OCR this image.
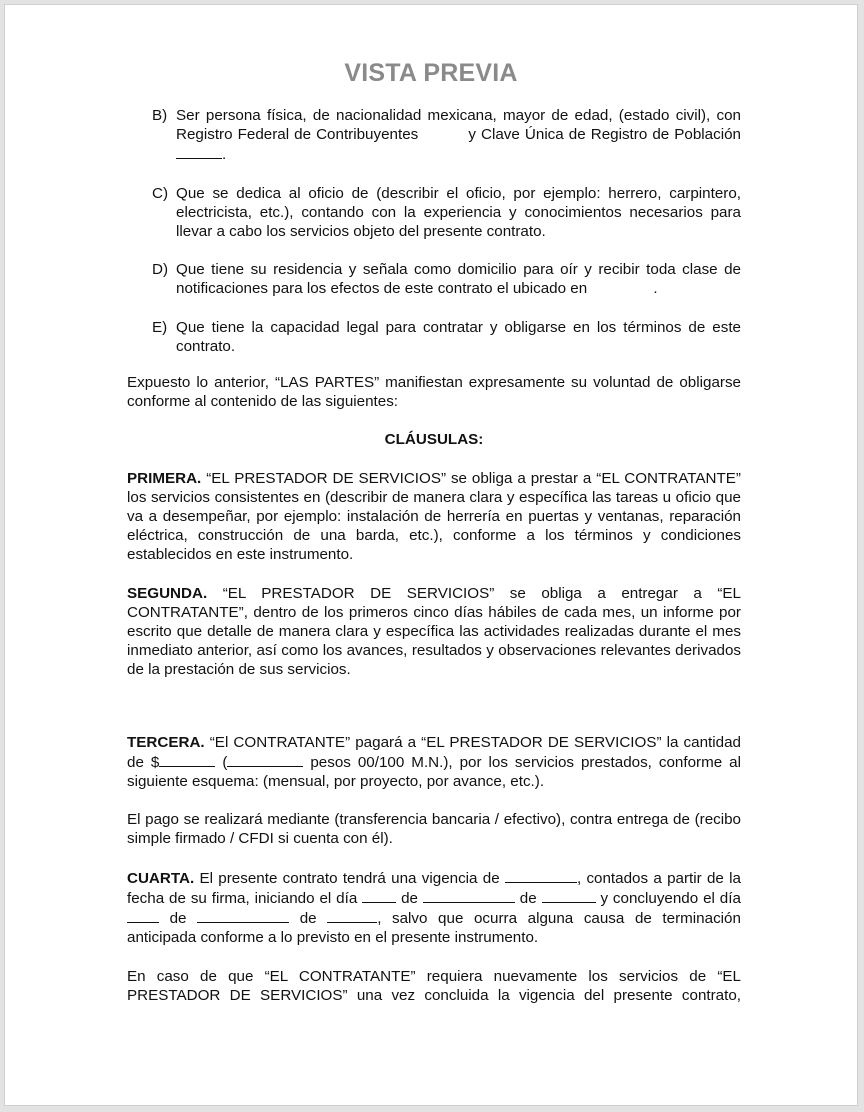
VISTA PREVIA
B) Ser persona física, de nacionalidad mexicana, mayor de edad, (estado civil), con Registro Federal de Contribuyentes	y Clave Única de Registro de Población .
C) Que se dedica al oficio de (describir el oficio, por ejemplo: herrero, carpintero, electricista, etc.), contando con la experiencia y conocimientos necesarios para llevar a cabo los servicios objeto del presente contrato.
D) Que tiene su residencia y señala como domicilio para oír y recibir toda clase de notificaciones para los efectos de este contrato el ubicado en	.
E) Que tiene la capacidad legal para contratar y obligarse en los términos de este contrato.
Expuesto lo anterior, “LAS PARTES” manifiestan expresamente su voluntad de obligarse conforme al contenido de las siguientes:
CLÁUSULAS:
PRIMERA. “EL PRESTADOR DE SERVICIOS” se obliga a prestar a “EL CONTRATANTE” los servicios consistentes en (describir de manera clara y específica las tareas u oficio que va a desempeñar, por ejemplo: instalación de herrería en puertas y ventanas, reparación eléctrica, construcción de una barda, etc.), conforme a los términos y condiciones establecidos en este instrumento.
SEGUNDA. “EL PRESTADOR DE SERVICIOS” se obliga a entregar a “EL CONTRATANTE”, dentro de los primeros cinco días hábiles de cada mes, un informe por escrito que detalle de manera clara y específica las actividades realizadas durante el mes inmediato anterior, así como los avances, resultados y observaciones relevantes derivados de la prestación de sus servicios.
TERCERA. “El CONTRATANTE” pagará a “EL PRESTADOR DE SERVICIOS” la cantidad de $	(	pesos 00/100 M.N.), por los servicios prestados, conforme al siguiente esquema: (mensual, por proyecto, por avance, etc.).
El pago se realizará mediante (transferencia bancaria / efectivo), contra entrega de (recibo simple firmado / CFDI si cuenta con él).
CUARTA. El presente contrato tendrá una vigencia de	, contados a partir de la fecha de su firma, iniciando el día	de	de	y concluyendo el día  de	de	, salvo que ocurra alguna causa de terminación anticipada conforme a lo previsto en el presente instrumento.
En caso de que “EL CONTRATANTE” requiera nuevamente los servicios de “EL PRESTADOR DE SERVICIOS” una vez concluida la vigencia del presente contrato,
